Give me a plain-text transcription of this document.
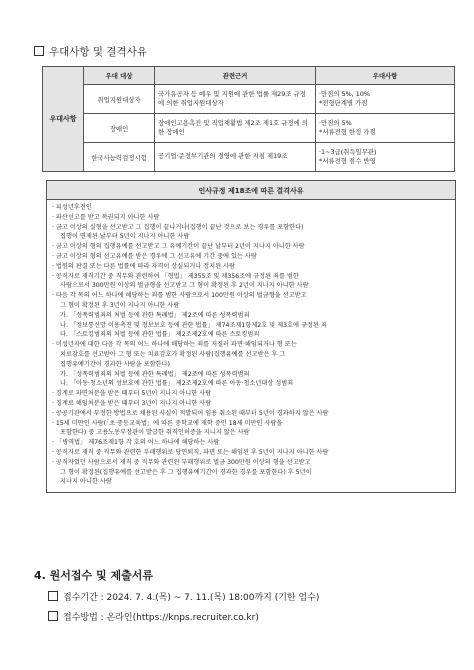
우대사항 및 결격사유
우대사항	우대 대상	관련근거	우대사항
	취업지원대상자	국가유공자 등 예우 및 지원에 관한 법률 제29조 규정에 의한 취업지원대상자	·만점의 5%, 10%
*전형단계별 가점

	장애인	장애인고용촉진 및 직업재활법 제2조 제1호 규정에 의한 장애인	·만점의 5%
*서류전형 한정 가점

	한국사능력검정시험	공기업·준정부기관의 경영에 관한 지침 제19조	·1~3급(취득일무관)
*서류전형 점수 반영
인사규정 제18조에 따른 결격사유

· 피성년후견인

· 파산선고를 받고 복권되지 아니한 사람

· 금고 이상의 실형을 선고받고 그 집행이 끝나거나(집행이 끝난 것으로 보는 경우를 포함한다)

집행이 면제된 날부터 5년이 지나지 아니한 사람

· 금고 이상의 형의 집행유예를 선고받고 그 유예기간이 끝난 날부터 2년이 지나지 아니한 사람

· 금고 이상의 형의 선고유예를 받은 경우에 그 선고유예 기간 중에 있는 사람

· 법원의 판결 또는 다른 법률에 따라 자격이 상실되거나 정지된 사람

· 공직자로 재직기간 중 직무와 관련하여 「형법」 제355조 및 제356조에 규정된 죄를 범한

사람으로서 300만원 이상의 벌금형을 선고받고 그 형이 확정된 후 2년이 지나지 아니한 사람

· 다음 각 목의 어느 하나에 해당하는 죄를 범한 사람으로서 100만원 이상의 벌금형을 선고받고

그 형이 확정된 후 3년이 지나지 아니한 사람

가. 「성폭력범죄의 처벌 등에 관한 특례법」 제2조에 따른 성폭력범죄

나. 「정보통신망 이용촉진 및 정보보호 등에 관한 법률」 제74조제1항제2호 및 제3호에 규정된 죄

다. 「스토킹범죄의 처벌 등에 관한 법률」 제2조제2호에 따른 스토킹범죄

· 미성년자에 대한 다음 각 목의 어느 하나에 해당하는 죄를 저질러 파면·해임되거나 형 또는

치료감호를 선고받아 그 형 또는 치료감호가 확정된 사람(집행유예를 선고받은 후 그

집행유예기간이 경과한 사람을 포함한다)

가. 「성폭력범죄의 처벌 등에 관한 특례법」 제2조에 따른 성폭력범죄

나. 「아동·청소년의 성보호에 관한 법률」 제2조제2호에 따른 아동·청소년대상 성범죄

· 징계로 파면처분을 받은 때부터 5년이 지나지 아니한 사람

· 징계로 해임처분을 받은 때부터 3년이 지나지 아니한 사람

· 공공기관에서 부정한 방법으로 채용된 사실이 적발되어 임용 취소된 때부터 5년이 경과하지 않은 사람

· 15세 미만인 사람(「초·중등교육법」에 따른 중학교에 재학 중인 18세 미만인 사람을

포함한다) 중 고용노동부장관이 발급한 취직인허증을 지니지 않은 사람

· 「병역법」 제76조제1항 각 호의 어느 하나에 해당하는 사람

· 공직자로 재직 중 직무와 관련한 부패행위로 당연퇴직, 파면 또는 해임된 후 5년이 지나지 아니한 사람

· 공직자였던 사람으로서 재직 중 직무와 관련된 부패행위로 벌금 300만원 이상의 형을 선고받고

그 형이 확정된(집행유예를 선고받은 후 그 집행유예기간이 경과한 경우를 포함한다) 후 5년이

지나지 아니한 사람

4. 원서접수 및 제출서류
접수기간 : 2024. 7. 4.(목) ~ 7. 11.(목) 18:00까지 (기한 엄수)
접수방법 : 온라인(https://knps.recruiter.co.kr)
